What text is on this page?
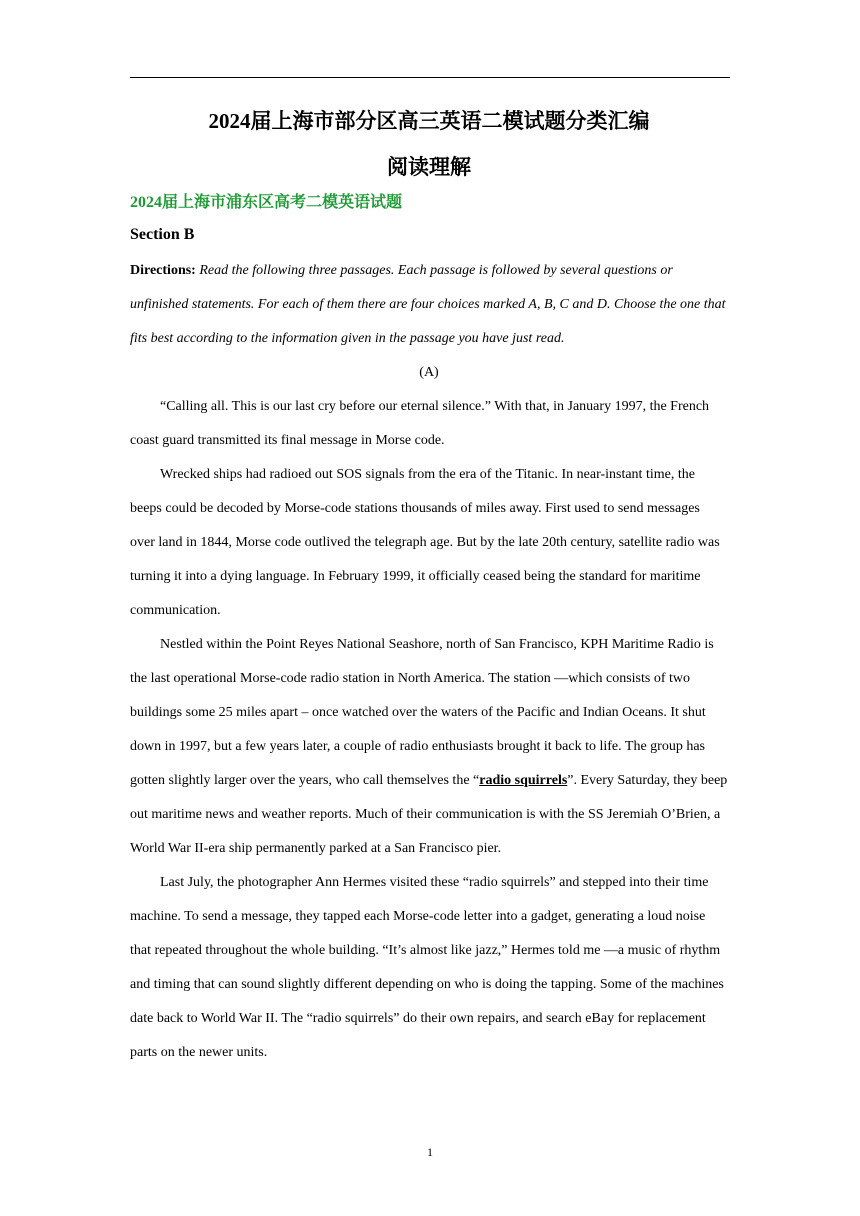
2024届上海市部分区高三英语二模试题分类汇编
阅读理解
2024届上海市浦东区高考二模英语试题
Section B

Directions: Read the following three passages. Each passage is followed by several questions or unfinished statements. For each of them there are four choices marked A, B, C and D. Choose the one that fits best according to the information given in the passage you have just read.

(A)

“Calling all. This is our last cry before our eternal silence.” With that, in January 1997, the French coast guard transmitted its final message in Morse code.

Wrecked ships had radioed out SOS signals from the era of the Titanic. In near-instant time, the beeps could be decoded by Morse-code stations thousands of miles away. First used to send messages over land in 1844, Morse code outlived the telegraph age. But by the late 20th century, satellite radio was turning it into a dying language. In February 1999, it officially ceased being the standard for maritime communication.

Nestled within the Point Reyes National Seashore, north of San Francisco, KPH Maritime Radio is the last operational Morse-code radio station in North America. The station —which consists of two buildings some 25 miles apart – once watched over the waters of the Pacific and Indian Oceans. It shut down in 1997, but a few years later, a couple of radio enthusiasts brought it back to life. The group has gotten slightly larger over the years, who call themselves the “radio squirrels”. Every Saturday, they beep out maritime news and weather reports. Much of their communication is with the SS Jeremiah O’Brien, a World War II-era ship permanently parked at a San Francisco pier.

Last July, the photographer Ann Hermes visited these “radio squirrels” and stepped into their time machine. To send a message, they tapped each Morse-code letter into a gadget, generating a loud noise that repeated throughout the whole building. “It’s almost like jazz,” Hermes told me —a music of rhythm and timing that can sound slightly different depending on who is doing the tapping. Some of the machines date back to World War II. The “radio squirrels” do their own repairs, and search eBay for replacement parts on the newer units.

1
